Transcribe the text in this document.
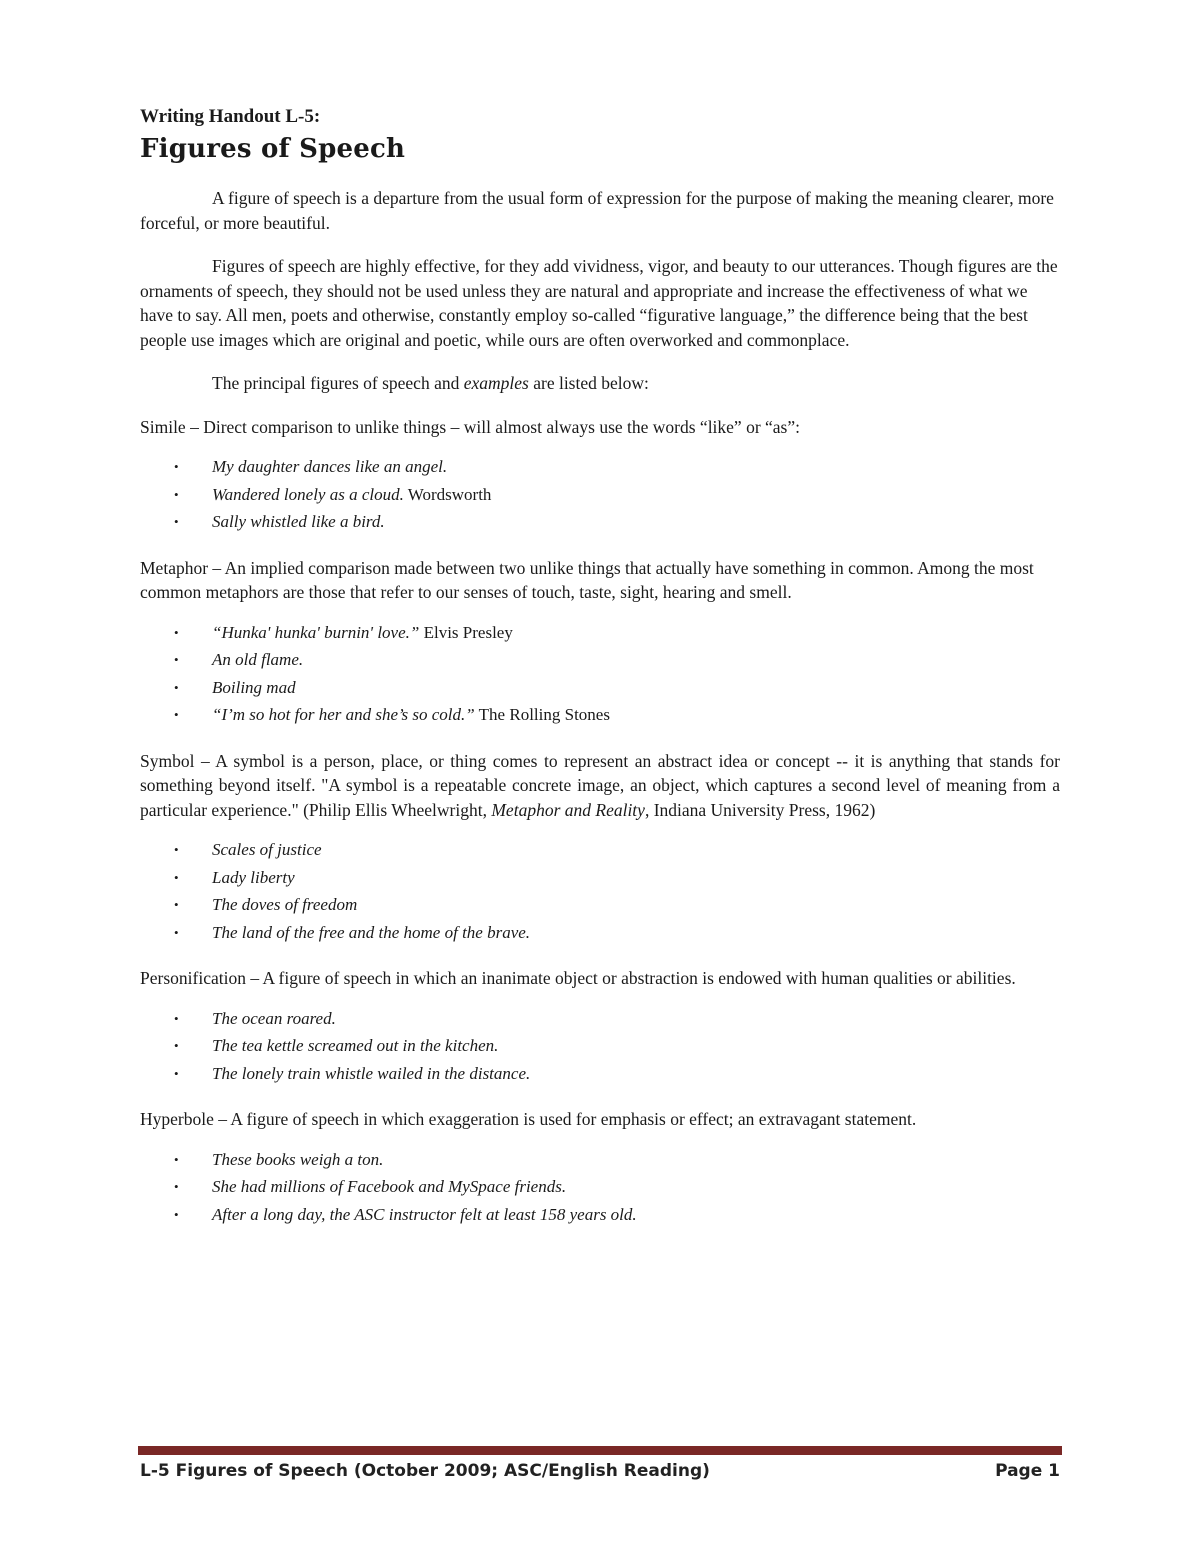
Writing Handout L-5:
Figures of Speech

A figure of speech is a departure from the usual form of expression for the purpose of making the meaning clearer, more forceful, or more beautiful.

Figures of speech are highly effective, for they add vividness, vigor, and beauty to our utterances. Though figures are the ornaments of speech, they should not be used unless they are natural and appropriate and increase the effectiveness of what we have to say. All men, poets and otherwise, constantly employ so-called “figurative language,” the difference being that the best people use images which are original and poetic, while ours are often overworked and commonplace.

The principal figures of speech and examples are listed below:

Simile – Direct comparison to unlike things – will almost always use the words “like” or “as”:

• My daughter dances like an angel.
• Wandered lonely as a cloud. Wordsworth
• Sally whistled like a bird.

Metaphor – An implied comparison made between two unlike things that actually have something in common. Among the most common metaphors are those that refer to our senses of touch, taste, sight, hearing and smell.

• “Hunka' hunka' burnin' love.” Elvis Presley
• An old flame.
• Boiling mad
• “I’m so hot for her and she’s so cold.” The Rolling Stones

Symbol – A symbol is a person, place, or thing comes to represent an abstract idea or concept -- it is anything that stands for something beyond itself. "A symbol is a repeatable concrete image, an object, which captures a second level of meaning from a particular experience." (Philip Ellis Wheelwright, Metaphor and Reality, Indiana University Press, 1962)

• Scales of justice
• Lady liberty
• The doves of freedom
• The land of the free and the home of the brave.

Personification – A figure of speech in which an inanimate object or abstraction is endowed with human qualities or abilities.

• The ocean roared.
• The tea kettle screamed out in the kitchen.
• The lonely train whistle wailed in the distance.

Hyperbole – A figure of speech in which exaggeration is used for emphasis or effect; an extravagant statement.

• These books weigh a ton.
• She had millions of Facebook and MySpace friends.
• After a long day, the ASC instructor felt at least 158 years old.
L-5 Figures of Speech (October 2009; ASC/English Reading)	Page 1
